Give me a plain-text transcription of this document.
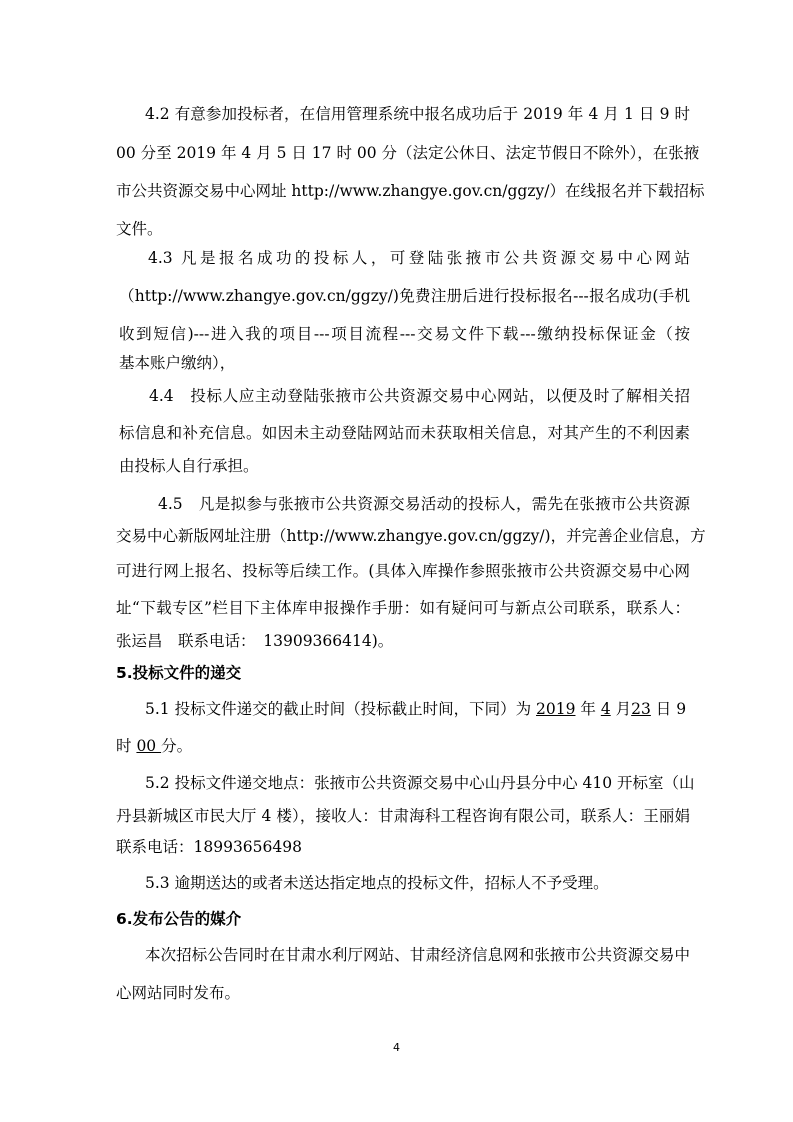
4.2 有意参加投标者，在信用管理系统中报名成功后于 2019 年 4 月 1 日 9 时
00 分至 2019 年 4 月 5 日 17 时 00 分（法定公休日、法定节假日不除外），在张掖
市公共资源交易中心网址 http://www.zhangye.gov.cn/ggzy/）在线报名并下载招标
文件。
4.3 凡是报名成功的投标人，可登陆张掖市公共资源交易中心网站
（http://www.zhangye.gov.cn/ggzy/)免费注册后进行投标报名---报名成功(手机
收到短信)---进入我的项目---项目流程---交易文件下载---缴纳投标保证金（按
基本账户缴纳），
4.4　投标人应主动登陆张掖市公共资源交易中心网站，以便及时了解相关招
标信息和补充信息。如因未主动登陆网站而未获取相关信息，对其产生的不利因素
由投标人自行承担。
4.5　凡是拟参与张掖市公共资源交易活动的投标人，需先在张掖市公共资源
交易中心新版网址注册（http://www.zhangye.gov.cn/ggzy/)，并完善企业信息，方
可进行网上报名、投标等后续工作。(具体入库操作参照张掖市公共资源交易中心网
址“下载专区”栏目下主体库申报操作手册：如有疑问可与新点公司联系，联系人：
张运昌　联系电话：　13909366414)。
5.投标文件的递交
5.1 投标文件递交的截止时间（投标截止时间，下同）为 2019 年 4 月23 日 9
时 00 分。
5.2 投标文件递交地点：张掖市公共资源交易中心山丹县分中心 410 开标室（山
丹县新城区市民大厅 4 楼），接收人：甘肃海科工程咨询有限公司，联系人：王丽娟
联系电话：18993656498
5.3 逾期送达的或者未送达指定地点的投标文件，招标人不予受理。
6.发布公告的媒介
本次招标公告同时在甘肃水利厅网站、甘肃经济信息网和张掖市公共资源交易中
心网站同时发布。
4
